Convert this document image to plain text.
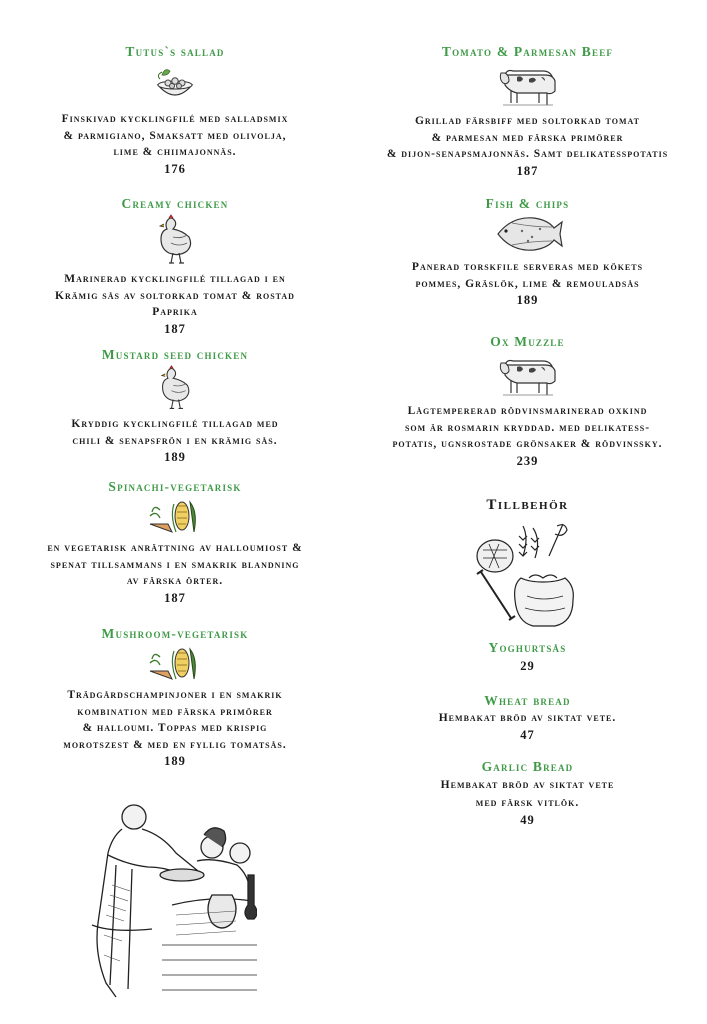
Tutus`s sallad

Finskivad kycklingfilé med salladsmix
& parmigiano, Smaksatt med olivolja,
lime & chiimajonnäs.

176

Creamy chicken

Marinerad kycklingfilé tillagad i en
Krämig sås av soltorkad tomat & rostad
Paprika

187

Mustard seed chicken

Kryddig kycklingfilé tillagad med
chili & senapsfrön i en krämig sås.

189

Spinachi-vegetarisk

en vegetarisk anrättning av halloumiost &
spenat tillsammans i en smakrik blandning
av färska örter.

187

Mushroom-vegetarisk

Trädgårdschampinjoner i en smakrik
kombination med färska primörer
& halloumi. Toppas med krispig
morotszest & med en fyllig tomatsås.

189

Tomato & Parmesan Beef

Grillad färsbiff med soltorkad tomat
& parmesan med färska primörer
& dijon-senapsmajonnäs. Samt delikatesspotatis

187

Fish & chips

Panerad torskfile serveras med kökets
pommes, Gräslök, lime & remouladsås

189

Ox Muzzle

Lågtempererad rödvinsmarinerad oxkind
som är rosmarin kryddad. med delikatess-
potatis, ugnsrostade grönsaker & rödvinssky.

239

Tillbehör

Yoghurtsås

29

Wheat bread

Hembakat bröd av siktat vete.

47

Garlic Bread

Hembakat bröd av siktat vete
med färsk vitlök.

49
